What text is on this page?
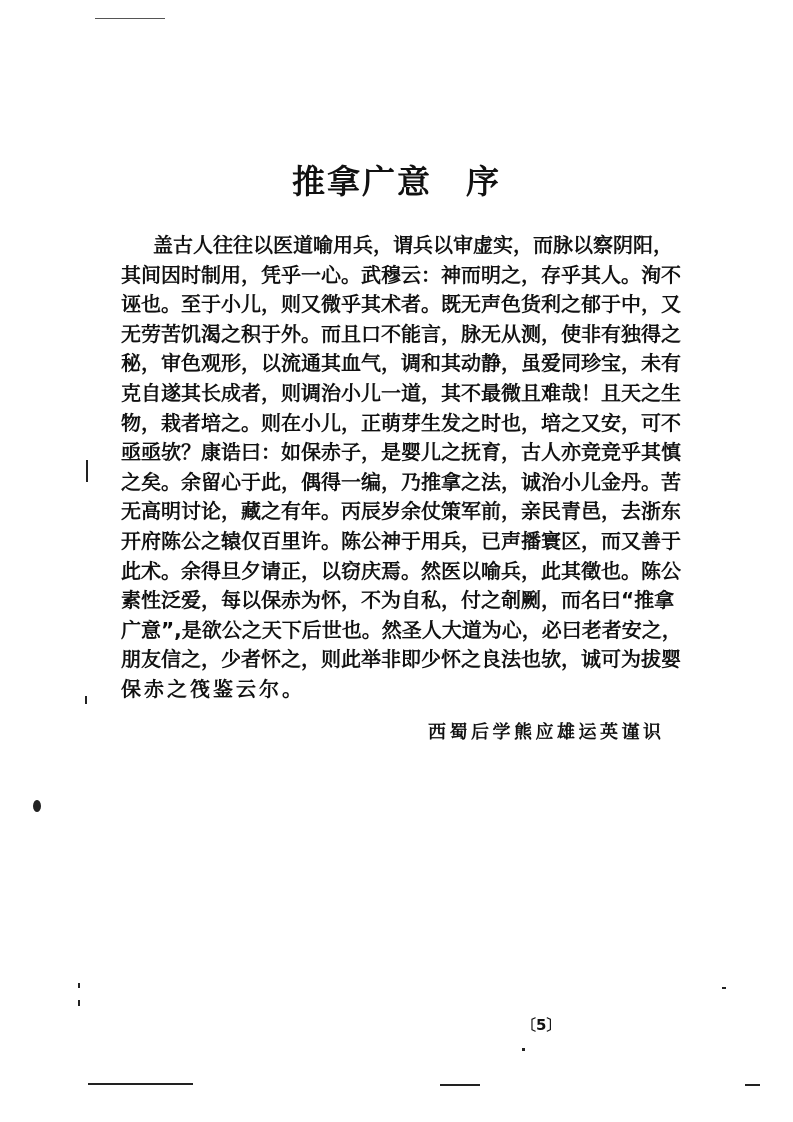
推拿广意 序
盖古人往往以医道喻用兵，谓兵以审虚实，而脉以察阴阳，
其间因时制用，凭乎一心。武穆云：神而明之，存乎其人。洵不
诬也。至于小儿，则又微乎其术者。既无声色货利之郁于中，又
无劳苦饥渴之积于外。而且口不能言，脉无从测，使非有独得之
秘，审色观形，以流通其血气，调和其动静，虽爱同珍宝，未有
克自遂其长成者，则调治小儿一道，其不最微且难哉！且天之生
物，栽者培之。则在小儿，正萌芽生发之时也，培之又安，可不
亟亟欤？康诰曰：如保赤子，是婴儿之抚育，古人亦竞竞乎其慎
之矣。余留心于此，偶得一编，乃推拿之法，诚治小儿金丹。苦
无高明讨论，藏之有年。丙辰岁余仗策军前，亲民青邑，去浙东
开府陈公之辕仅百里许。陈公神于用兵，已声播寰区，而又善于
此术。余得旦夕请正，以窃庆焉。然医以喻兵，此其徵也。陈公
素性泛爱，每以保赤为怀，不为自私，付之剞劂，而名曰“推拿
广意”,是欲公之天下后世也。然圣人大道为心，必曰老者安之，
朋友信之，少者怀之，则此举非即少怀之良法也欤，诚可为拔婴
保赤之筏鉴云尔。
西蜀后学熊应雄运英谨识
〔5〕
